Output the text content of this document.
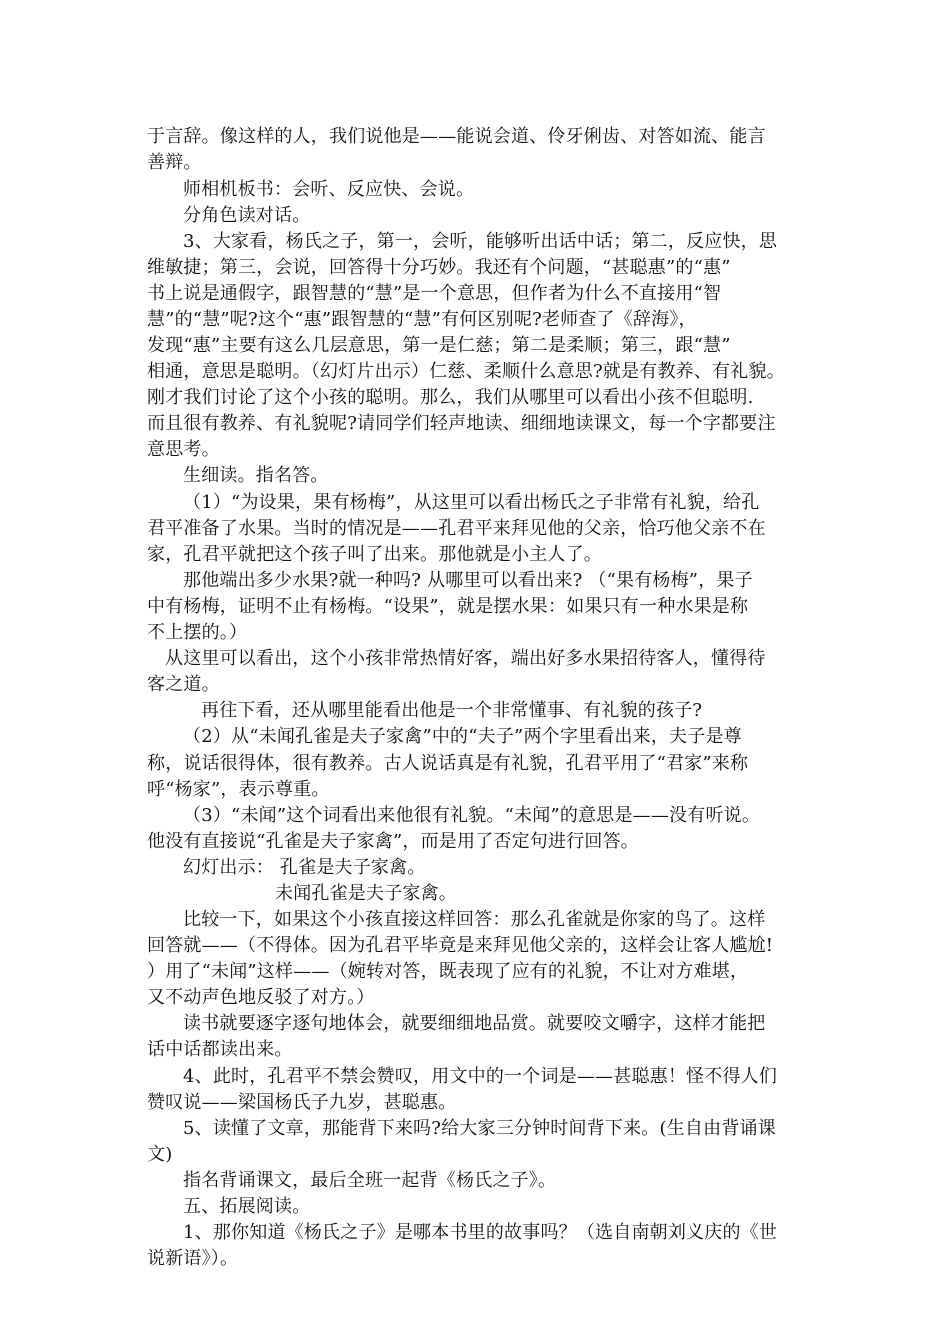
于言辞。像这样的人，我们说他是——能说会道、伶牙俐齿、对答如流、能言
善辩。
师相机板书：会听、反应快、会说。
分角色读对话。
3、大家看，杨氏之子，第一，会听，能够听出话中话；第二，反应快，思
维敏捷；第三，会说，回答得十分巧妙。我还有个问题，“甚聪惠”的“惠”
书上说是通假字，跟智慧的“慧”是一个意思，但作者为什么不直接用“智
慧”的“慧”呢?这个“惠”跟智慧的“慧”有何区别呢?老师查了《辞海》，
发现“惠”主要有这么几层意思，第一是仁慈；第二是柔顺；第三，跟“慧”
相通，意思是聪明。（幻灯片出示）仁慈、柔顺什么意思?就是有教养、有礼貌。
刚才我们讨论了这个小孩的聪明。那么，我们从哪里可以看出小孩不但聪明.
而且很有教养、有礼貌呢?请同学们轻声地读、细细地读课文，每一个字都要注
意思考。
生细读。指名答。
（1）“为设果，果有杨梅”，从这里可以看出杨氏之子非常有礼貌，给孔
君平准备了水果。当时的情况是——孔君平来拜见他的父亲，恰巧他父亲不在
家，孔君平就把这个孩子叫了出来。那他就是小主人了。
那他端出多少水果?就一种吗? 从哪里可以看出来? （“果有杨梅”，果子
中有杨梅，证明不止有杨梅。“设果”，就是摆水果：如果只有一种水果是称
不上摆的。）
从这里可以看出，这个小孩非常热情好客，端出好多水果招待客人，懂得待
客之道。
再往下看，还从哪里能看出他是一个非常懂事、有礼貌的孩子?
（2）从“未闻孔雀是夫子家禽”中的“夫子”两个字里看出来，夫子是尊
称，说话很得体，很有教养。古人说话真是有礼貌，孔君平用了“君家”来称
呼“杨家”，表示尊重。
（3）“未闻”这个词看出来他很有礼貌。“未闻”的意思是——没有听说。
他没有直接说“孔雀是夫子家禽”，而是用了否定句进行回答。
幻灯出示： 孔雀是夫子家禽。
未闻孔雀是夫子家禽。
比较一下，如果这个小孩直接这样回答：那么孔雀就是你家的鸟了。这样
回答就——（不得体。因为孔君平毕竟是来拜见他父亲的，这样会让客人尴尬!
）用了“未闻”这样——（婉转对答，既表现了应有的礼貌，不让对方难堪，
又不动声色地反驳了对方。）
读书就要逐字逐句地体会，就要细细地品赏。就要咬文嚼字，这样才能把
话中话都读出来。
4、此时，孔君平不禁会赞叹，用文中的一个词是——甚聪惠！怪不得人们
赞叹说——梁国杨氏子九岁，甚聪惠。
5、读懂了文章，那能背下来吗?给大家三分钟时间背下来。(生自由背诵课
文)
指名背诵课文，最后全班一起背《杨氏之子》。
五、拓展阅读。
1、那你知道《杨氏之子》是哪本书里的故事吗？（选自南朝刘义庆的《世
说新语》）。
